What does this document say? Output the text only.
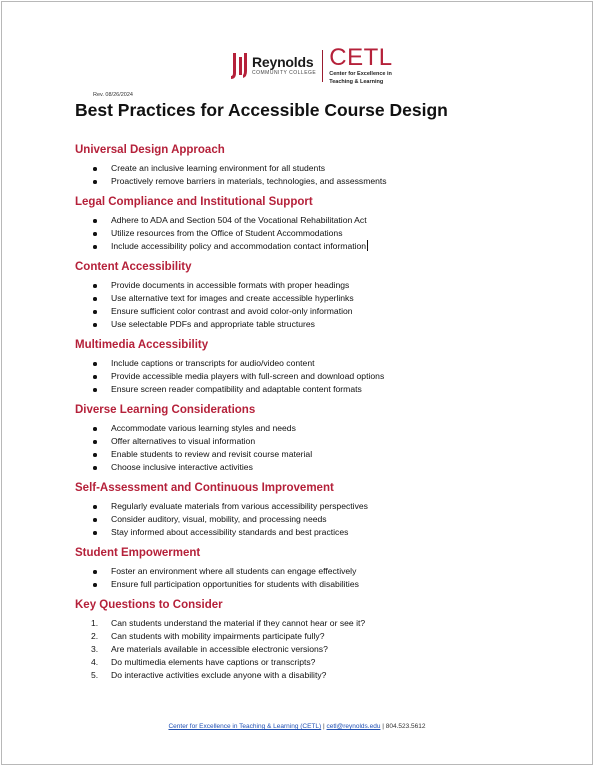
Reynolds
COMMUNITY COLLEGE
CETL
Center for Excellence in
Teaching & Learning
Rev. 08/26/2024
Best Practices for Accessible Course Design
Universal Design Approach
Create an inclusive learning environment for all students
Proactively remove barriers in materials, technologies, and assessments
Legal Compliance and Institutional Support
Adhere to ADA and Section 504 of the Vocational Rehabilitation Act
Utilize resources from the Office of Student Accommodations
Include accessibility policy and accommodation contact information
Content Accessibility
Provide documents in accessible formats with proper headings
Use alternative text for images and create accessible hyperlinks
Ensure sufficient color contrast and avoid color-only information
Use selectable PDFs and appropriate table structures
Multimedia Accessibility
Include captions or transcripts for audio/video content
Provide accessible media players with full-screen and download options
Ensure screen reader compatibility and adaptable content formats
Diverse Learning Considerations
Accommodate various learning styles and needs
Offer alternatives to visual information
Enable students to review and revisit course material
Choose inclusive interactive activities
Self-Assessment and Continuous Improvement
Regularly evaluate materials from various accessibility perspectives
Consider auditory, visual, mobility, and processing needs
Stay informed about accessibility standards and best practices
Student Empowerment
Foster an environment where all students can engage effectively
Ensure full participation opportunities for students with disabilities
Key Questions to Consider
1.	Can students understand the material if they cannot hear or see it?
2.	Can students with mobility impairments participate fully?
3.	Are materials available in accessible electronic versions?
4.	Do multimedia elements have captions or transcripts?
5.	Do interactive activities exclude anyone with a disability?
Center for Excellence in Teaching & Learning (CETL) | cetl@reynolds.edu | 804.523.5612
